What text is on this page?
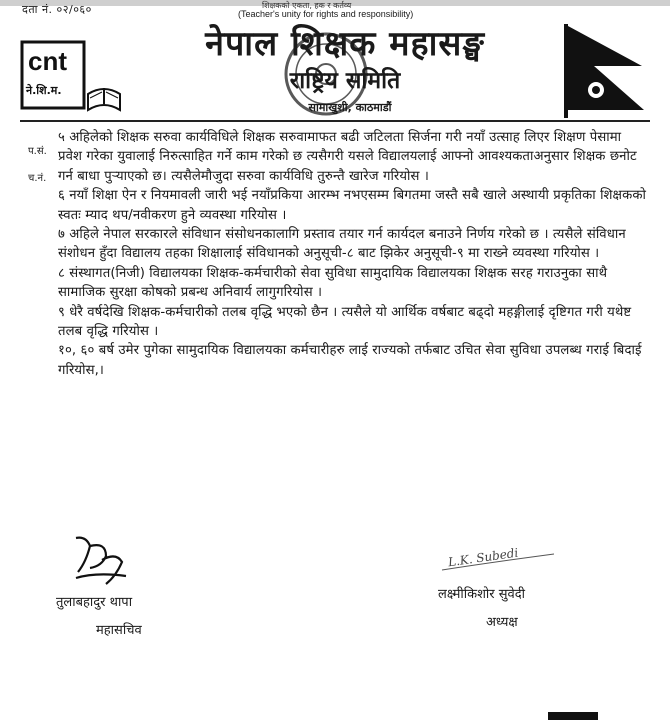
दता नं. ०२/०६०	शिक्षकको एकता, हक र कर्तव्य
(Teacher's unity for rights and responsibility)
cnt
ने.शि.म.
नेपाल शिक्षक महासङ्घ
राष्ट्रिय समिति
सामाखुशी, काठमाडौं
प.सं.
च.नं.

५ अहिलेको शिक्षक सरुवा कार्यविधिले शिक्षक सरुवामाफत बढी जटिलता सिर्जना गरी नयाँ उत्साह लिएर शिक्षण पेसामा प्रवेश गरेका युवालाई निरुत्साहित गर्ने काम गरेको छ त्यसैगरी यसले विद्यालयलाई आफ्नो आवश्यकताअनुसार शिक्षक छनोट गर्न बाधा पुर्‍याएको छ। त्यसैलेमौजुदा सरुवा कार्यविधि तुरुन्तै खारेज गरियोस ।

६ नयाँ शिक्षा ऐन र नियमावली जारी भई नयाँप्रकिया आरम्भ नभएसम्म बिगतमा जस्तै सबै खाले अस्थायी प्रकृतिका शिक्षकको स्वतः म्याद थप/नवीकरण हुने व्यवस्था गरियोस ।

७ अहिले नेपाल सरकारले संविधान संसोधनकालागि प्रस्ताव तयार गर्न कार्यदल बनाउने निर्णय गरेको छ । त्यसैले संविधान संशोधन हुँदा विद्यालय तहका शिक्षालाई संविधानको अनुसूची-८ बाट झिकेर अनुसूची-९ मा राख्ने व्यवस्था गरियोस ।

८ संस्थागत(निजी) विद्यालयका शिक्षक-कर्मचारीको सेवा सुविधा सामुदायिक विद्यालयका शिक्षक सरह गराउनुका साथै सामाजिक सुरक्षा कोषको प्रबन्ध अनिवार्य लागुगरियोस ।

९ धेरै वर्षदेखि शिक्षक-कर्मचारीको तलब वृद्धि भएको छैन । त्यसैले यो आर्थिक वर्षबाट बढ्दो महङ्गीलाई दृष्टिगत गरी यथेष्ट तलब वृद्धि गरियोस ।

१०, ६० बर्ष उमेर पुगेका सामुदायिक विद्यालयका कर्मचारीहरु लाई राज्यको तर्फबाट उचित सेवा सुविधा उपलब्ध गराई बिदाई गरियोस,।

तुलाबहादुर थापा
महासचिव
L.K. Subedi
लक्ष्मीकिशोर सुवेदी
अध्यक्ष
